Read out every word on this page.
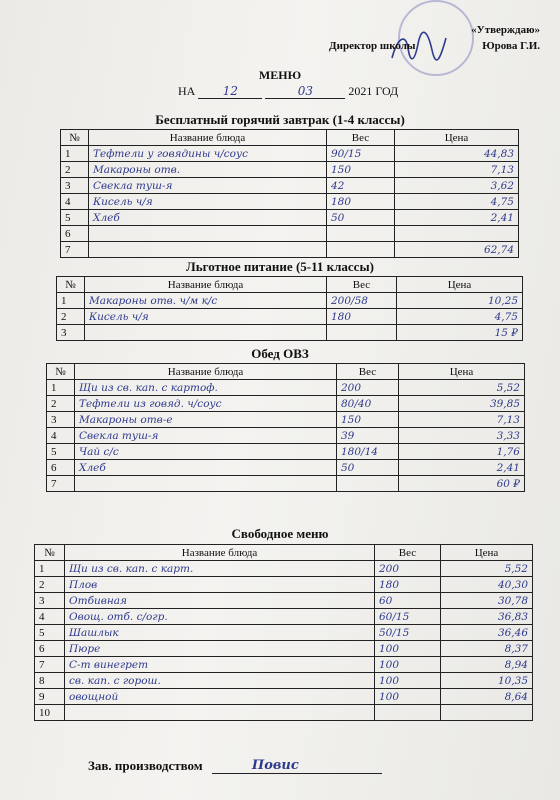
«Утверждаю»
Директор школы	Юрова Г.И.
МЕНЮ
НА 12	03	2021 ГОД
Бесплатный горячий завтрак (1-4 классы)
№	Название блюда	Вес	Цена
1	Тефтели у говядины ч/соус	90/15	44,83
2	Макароны отв.	150	7,13
3	Свекла туш-я	42	3,62
4	Кисель ч/я	180	4,75
5	Хлеб	50	2,41
6			
7			62,74
Льготное питание (5-11 классы)
№	Название блюда	Вес	Цена
1	Макароны отв. ч/м к/с	200/58	10,25
2	Кисель ч/я	180	4,75
3			15 ₽
Обед ОВЗ
№	Название блюда	Вес	Цена
1	Щи из св. кап. с картоф.	200	5,52
2	Тефтели из говяд. ч/соус	80/40	39,85
3	Макароны отв-е	150	7,13
4	Свекла туш-я	39	3,33
5	Чай с/с	180/14	1,76
6	Хлеб	50	2,41
7			60 ₽
Свободное меню
№	Название блюда	Вес	Цена
1	Щи из св. кап. с карт.	200	5,52
2	Плов	180	40,30
3	Отбивная	60	30,78
4	Овощ. отб. с/огр.	60/15	36,83
5	Шашлык	50/15	36,46
6	Пюре	100	8,37
7	С-т винегрет	100	8,94
8	св. кап. с горош.	100	10,35
9	овощной	100	8,64
10			
Зав. производством	Повис
